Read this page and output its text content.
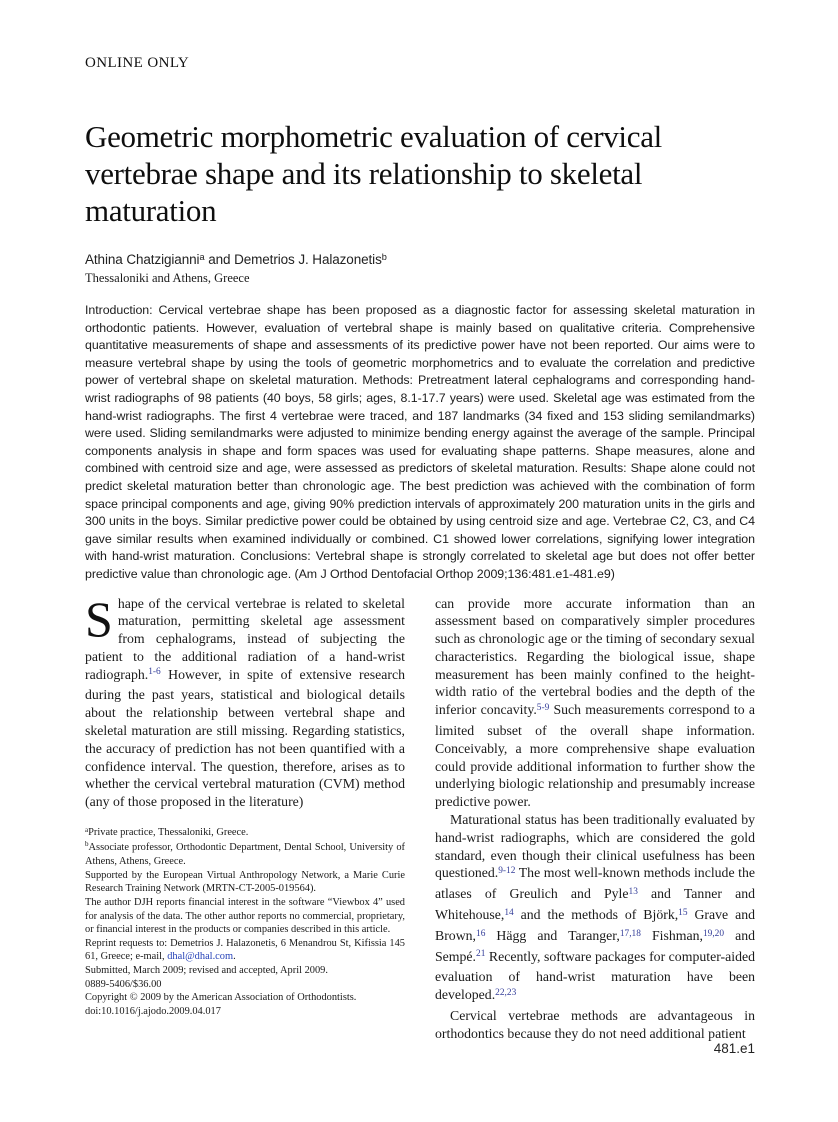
ONLINE ONLY
Geometric morphometric evaluation of cervical
vertebrae shape and its relationship to skeletal
maturation
Athina Chatzigianni$^a$ and Demetrios J. Halazonetis$^b$
Thessaloniki and Athens, Greece
Introduction: Cervical vertebrae shape has been proposed as a diagnostic factor for assessing skeletal maturation in orthodontic patients. However, evaluation of vertebral shape is mainly based on qualitative criteria. Comprehensive quantitative measurements of shape and assessments of its predictive power have not been reported. Our aims were to measure vertebral shape by using the tools of geometric morphometrics and to evaluate the correlation and predictive power of vertebral shape on skeletal maturation. Methods: Pretreatment lateral cephalograms and corresponding hand-wrist radiographs of 98 patients (40 boys, 58 girls; ages, 8.1-17.7 years) were used. Skeletal age was estimated from the hand-wrist radiographs. The first 4 vertebrae were traced, and 187 landmarks (34 fixed and 153 sliding semilandmarks) were used. Sliding semilandmarks were adjusted to minimize bending energy against the average of the sample. Principal components analysis in shape and form spaces was used for evaluating shape patterns. Shape measures, alone and combined with centroid size and age, were assessed as predictors of skeletal maturation. Results: Shape alone could not predict skeletal maturation better than chronologic age. The best prediction was achieved with the combination of form space principal components and age, giving 90% prediction intervals of approximately 200 maturation units in the girls and 300 units in the boys. Similar predictive power could be obtained by using centroid size and age. Vertebrae C2, C3, and C4 gave similar results when examined individually or combined. C1 showed lower correlations, signifying lower integration with hand-wrist maturation. Conclusions: Vertebral shape is strongly correlated to skeletal age but does not offer better predictive value than chronologic age. (Am J Orthod Dentofacial Orthop 2009;136:481.e1-481.e9)

Shape of the cervical vertebrae is related to skeletal maturation, permitting skeletal age assessment from cephalograms, instead of subjecting the patient to the additional radiation of a hand-wrist radiograph.$^{1-6}$ However, in spite of extensive research during the past years, statistical and biological details about the relationship between vertebral shape and skeletal maturation are still missing. Regarding statistics, the accuracy of prediction has not been quantified with a confidence interval. The question, therefore, arises as to whether the cervical vertebral maturation (CVM) method (any of those proposed in the literature)

$^a$Private practice, Thessaloniki, Greece.

$^b$Associate professor, Orthodontic Department, Dental School, University of Athens, Athens, Greece.

Supported by the European Virtual Anthropology Network, a Marie Curie Research Training Network (MRTN-CT-2005-019564).

The author DJH reports financial interest in the software “Viewbox 4” used for analysis of the data. The other author reports no commercial, proprietary, or financial interest in the products or companies described in this article.

Reprint requests to: Demetrios J. Halazonetis, 6 Menandrou St, Kifissia 145 61, Greece; e-mail, dhal@dhal.com.

Submitted, March 2009; revised and accepted, April 2009.

0889-5406/$36.00

Copyright © 2009 by the American Association of Orthodontists.

doi:10.1016/j.ajodo.2009.04.017

can provide more accurate information than an assessment based on comparatively simpler procedures such as chronologic age or the timing of secondary sexual characteristics. Regarding the biological issue, shape measurement has been mainly confined to the height-width ratio of the vertebral bodies and the depth of the inferior concavity.$^{5-9}$ Such measurements correspond to a limited subset of the overall shape information. Conceivably, a more comprehensive shape evaluation could provide additional information to further show the underlying biologic relationship and presumably increase predictive power.

Maturational status has been traditionally evaluated by hand-wrist radiographs, which are considered the gold standard, even though their clinical usefulness has been questioned.$^{9-12}$ The most well-known methods include the atlases of Greulich and Pyle$^{13}$ and Tanner and Whitehouse,$^{14}$ and the methods of Björk,$^{15}$ Grave and Brown,$^{16}$ Hägg and Taranger,$^{17,18}$ Fishman,$^{19,20}$ and Sempé.$^{21}$ Recently, software packages for computer-aided evaluation of hand-wrist maturation have been developed.$^{22,23}$

Cervical vertebrae methods are advantageous in orthodontics because they do not need additional patient

481.e1
